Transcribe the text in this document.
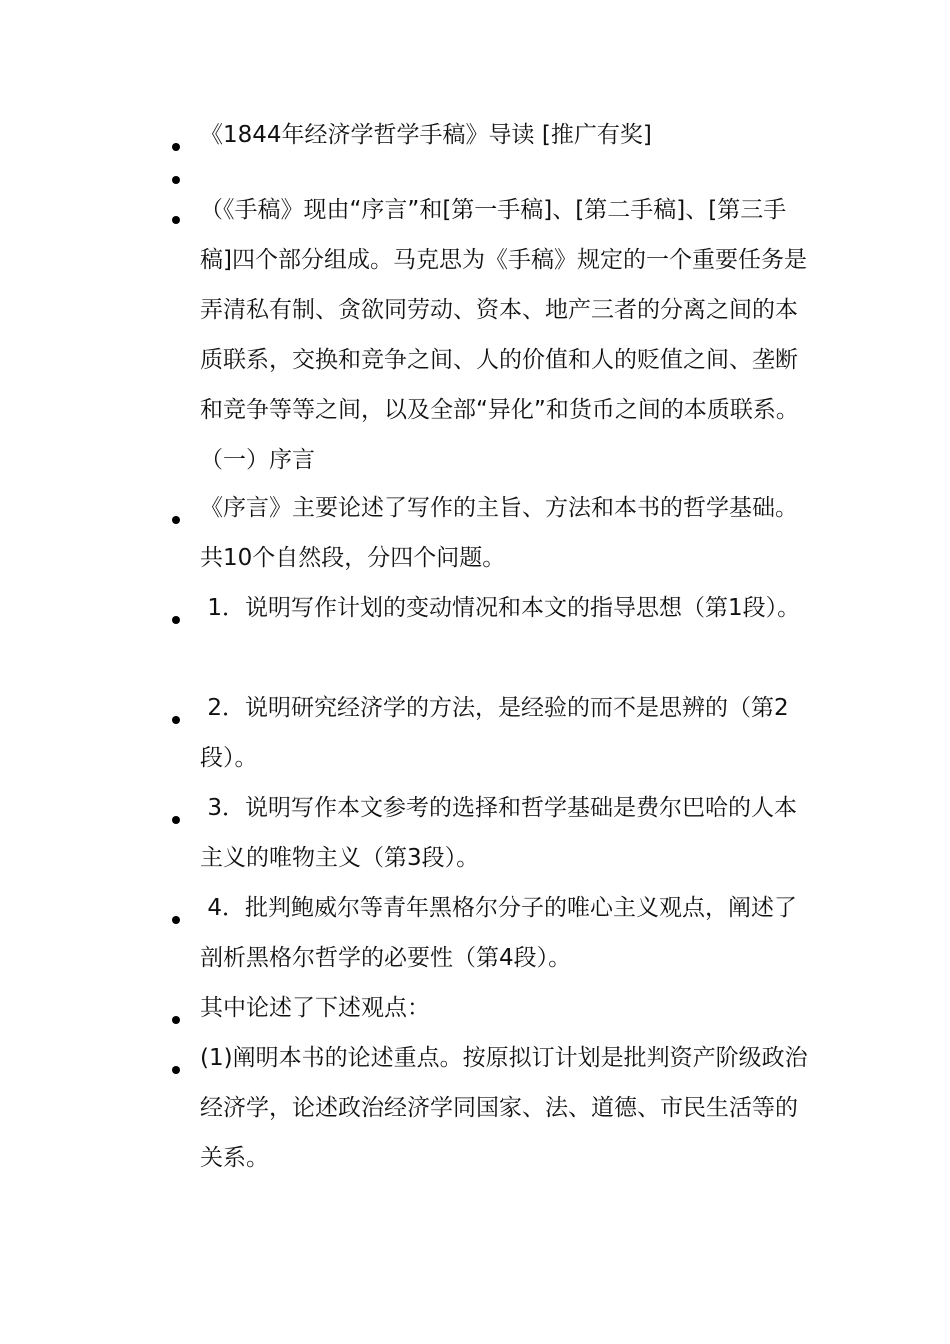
《1844年经济学哲学手稿》导读 [推广有奖]
（《手稿》现由“序言”和[第一手稿]、[第二手稿]、[第三手稿]四个部分组成。马克思为《手稿》规定的一个重要任务是弄清私有制、贪欲同劳动、资本、地产三者的分离之间的本质联系，交换和竞争之间、人的价值和人的贬值之间、垄断和竞争等等之间，以及全部“异化”和货币之间的本质联系。 （一）序言
《序言》主要论述了写作的主旨、方法和本书的哲学基础。共10个自然段，分四个问题。
1．说明写作计划的变动情况和本文的指导思想（第1段）。
2．说明研究经济学的方法，是经验的而不是思辨的（第2段）。
3．说明写作本文参考的选择和哲学基础是费尔巴哈的人本主义的唯物主义（第3段）。
4．批判鲍威尔等青年黑格尔分子的唯心主义观点，阐述了剖析黑格尔哲学的必要性（第4段）。
其中论述了下述观点：
(1)阐明本书的论述重点。按原拟订计划是批判资产阶级政治经济学，论述政治经济学同国家、法、道德、市民生活等的关系。
